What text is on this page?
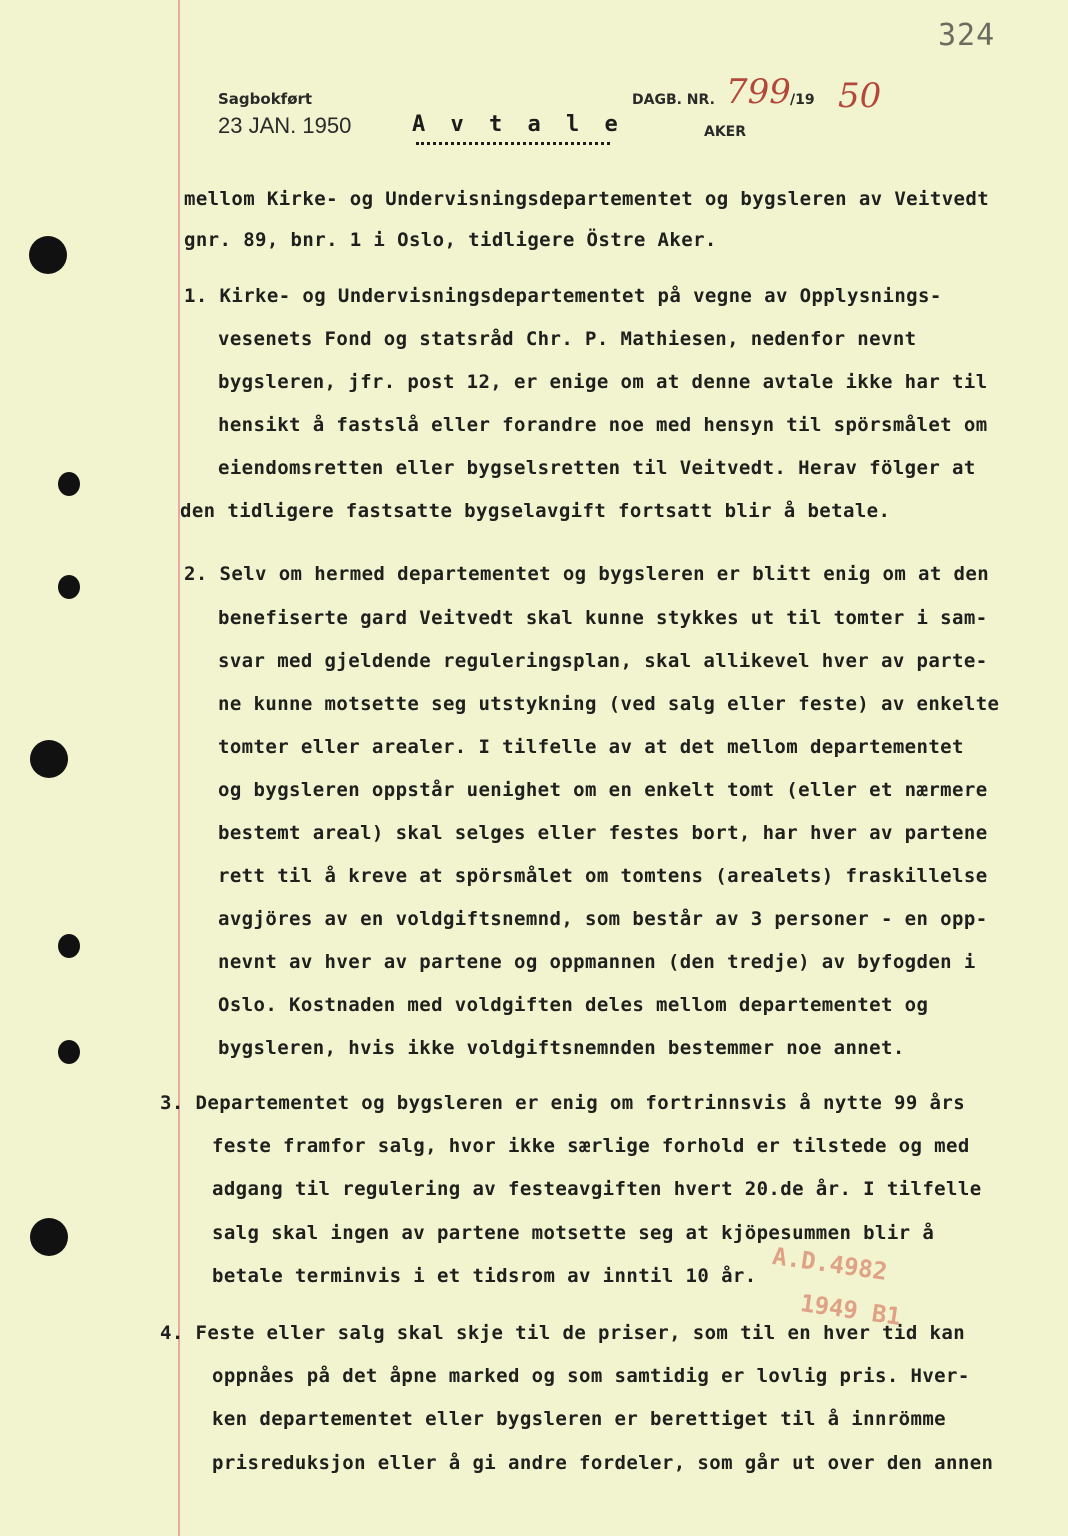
324
Sagbokført
23 JAN. 1950	A v t a l e
DAGB. NR. 799 /19 50
AKER
mellom Kirke- og Undervisningsdepartementet og bygsleren av Veitvedt
gnr. 89, bnr. 1 i Oslo, tidligere Östre Aker.
1. Kirke- og Undervisningsdepartementet på vegne av Opplysnings-
vesenets Fond og statsråd Chr. P. Mathiesen, nedenfor nevnt
bygsleren, jfr. post 12, er enige om at denne avtale ikke har til
hensikt å fastslå eller forandre noe med hensyn til spörsmålet om
eiendomsretten eller bygselsretten til Veitvedt. Herav fölger at
den tidligere fastsatte bygselavgift fortsatt blir å betale.
2. Selv om hermed departementet og bygsleren er blitt enig om at den
benefiserte gard Veitvedt skal kunne stykkes ut til tomter i sam-
svar med gjeldende reguleringsplan, skal allikevel hver av parte-
ne kunne motsette seg utstykning (ved salg eller feste) av enkelte
tomter eller arealer. I tilfelle av at det mellom departementet
og bygsleren oppstår uenighet om en enkelt tomt (eller et nærmere
bestemt areal) skal selges eller festes bort, har hver av partene
rett til å kreve at spörsmålet om tomtens (arealets) fraskillelse
avgjöres av en voldgiftsnemnd, som består av 3 personer - en opp-
nevnt av hver av partene og oppmannen (den tredje) av byfogden i
Oslo. Kostnaden med voldgiften deles mellom departementet og
bygsleren, hvis ikke voldgiftsnemnden bestemmer noe annet.
3. Departementet og bygsleren er enig om fortrinnsvis å nytte 99 års
feste framfor salg, hvor ikke særlige forhold er tilstede og med
adgang til regulering av festeavgiften hvert 20.de år. I tilfelle
salg skal ingen av partene motsette seg at kjöpesummen blir å
betale terminvis i et tidsrom av inntil 10 år.
4. Feste eller salg skal skje til de priser, som til en hver tid kan
oppnåes på det åpne marked og som samtidig er lovlig pris. Hver-
ken departementet eller bygsleren er berettiget til å innrömme
prisreduksjon eller å gi andre fordeler, som går ut over den annen
A.D.4982
1949 B1
